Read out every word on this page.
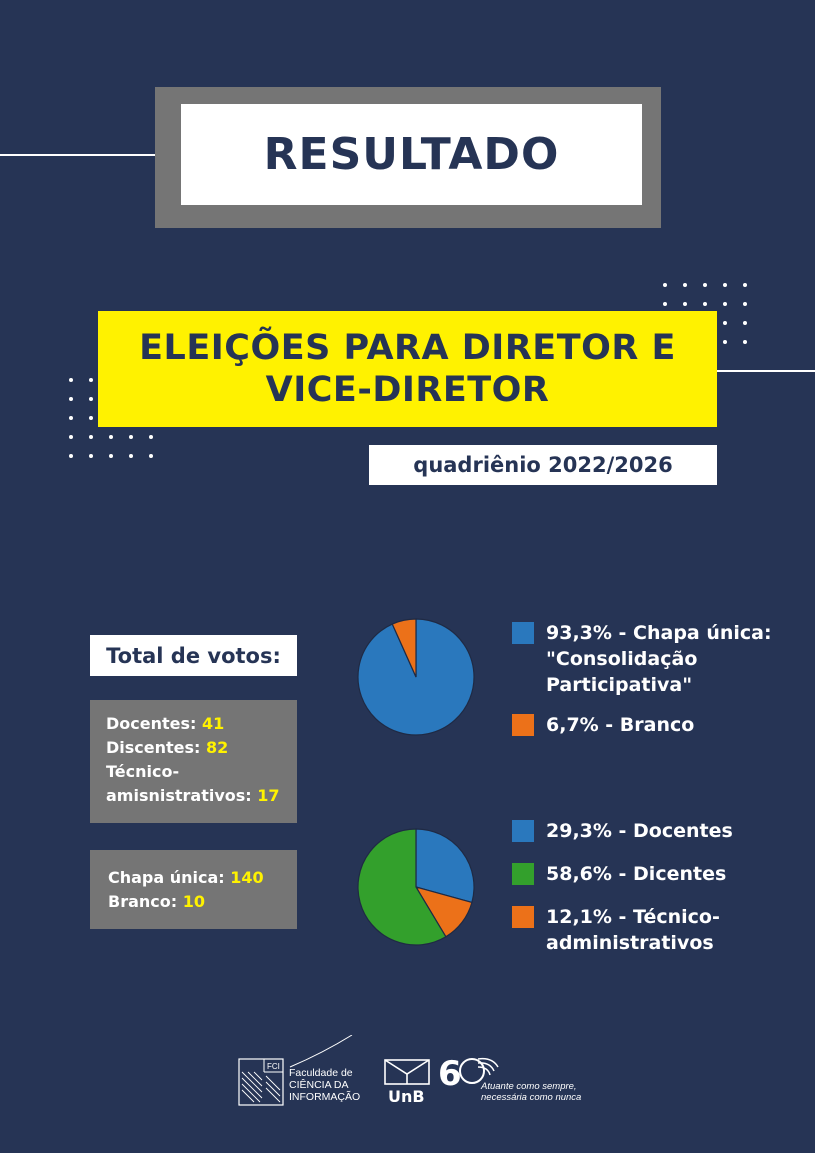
RESULTADO
ELEIÇÕES PARA DIRETOR E
VICE-DIRETOR
quadriênio 2022/2026
Total de votos:
Docentes: 41
Discentes: 82
Técnico-
amisnistrativos: 17
Chapa única: 140
Branco: 10
93,3% - Chapa única:
"Consolidação
Participativa"
6,7% - Branco
29,3% - Docentes
58,6% - Dicentes
12,1% - Técnico-
administrativos
FCI
Faculdade de
CIÊNCIA DA
INFORMAÇÃO UnB
6 Atuante como sempre,
necessária como nunca
